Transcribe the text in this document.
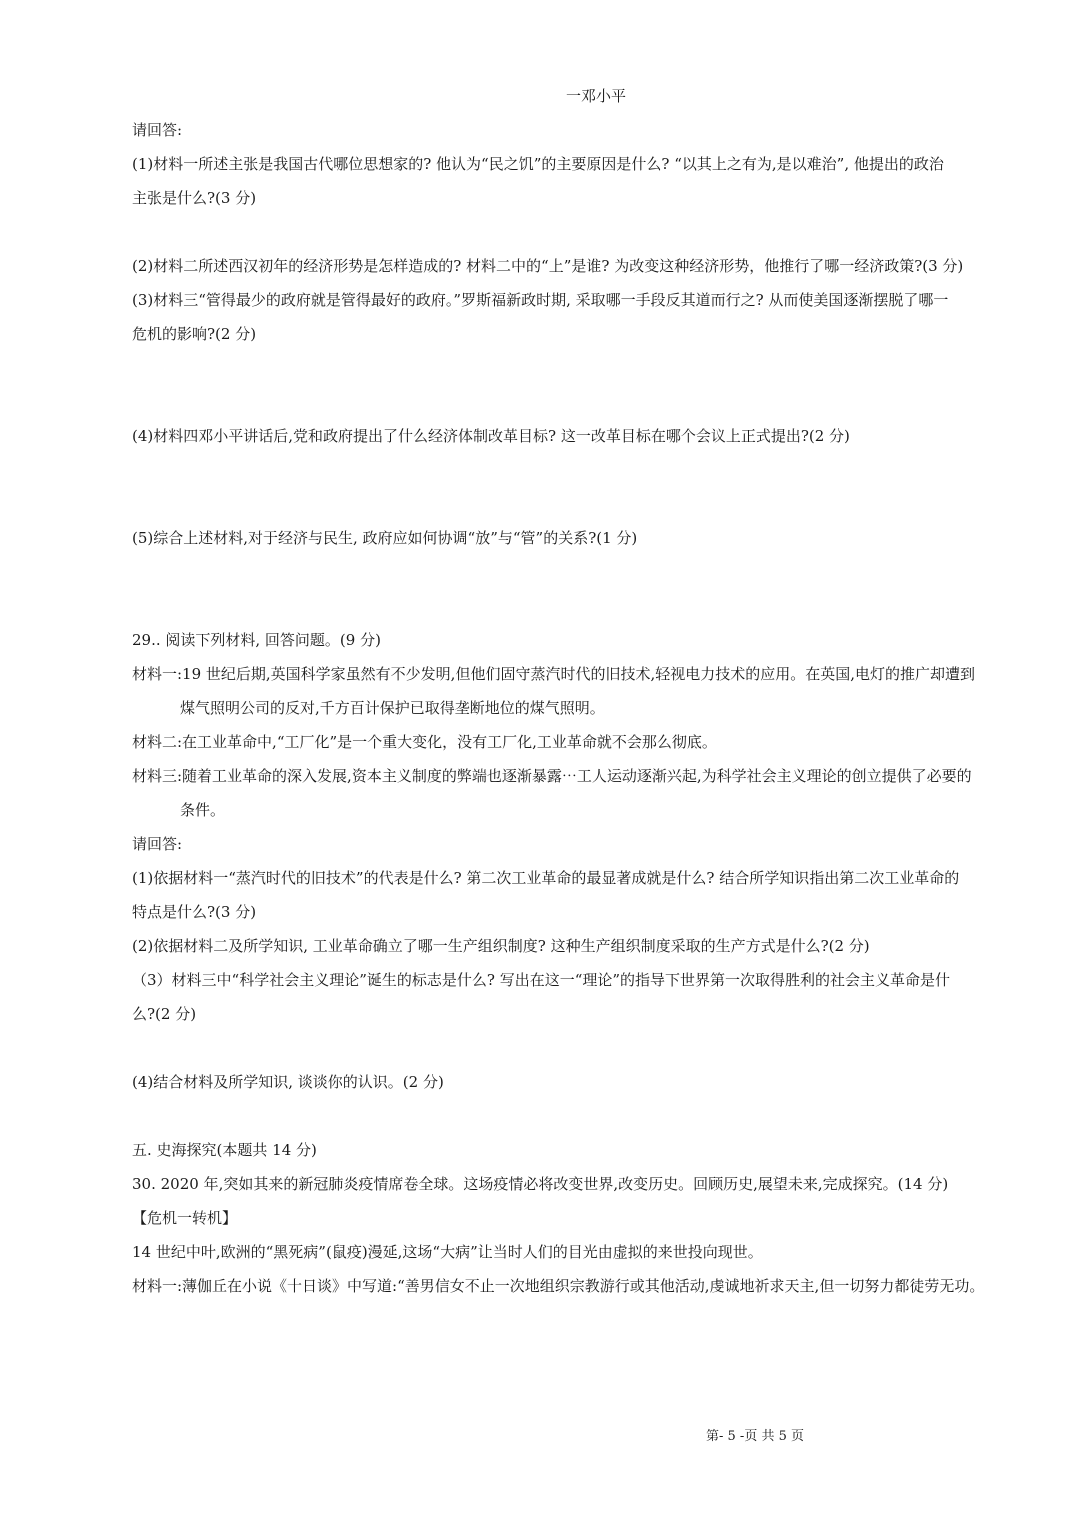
一邓小平
请回答:
(1)材料一所述主张是我国古代哪位思想家的? 他认为“民之饥”的主要原因是什么? “以其上之有为,是以难治”, 他提出的政治
主张是什么?(3 分)
(2)材料二所述西汉初年的经济形势是怎样造成的? 材料二中的“上”是谁? 为改变这种经济形势，他推行了哪一经济政策?(3 分)
(3)材料三“管得最少的政府就是管得最好的政府。”罗斯福新政时期, 采取哪一手段反其道而行之? 从而使美国逐渐摆脱了哪一
危机的影响?(2 分)
(4)材料四邓小平讲话后,党和政府提出了什么经济体制改革目标? 这一改革目标在哪个会议上正式提出?(2 分)
(5)综合上述材料,对于经济与民生, 政府应如何协调“放”与“管”的关系?(1 分)
29.. 阅读下列材料, 回答问题。(9 分)
材料一:19 世纪后期,英国科学家虽然有不少发明,但他们固守蒸汽时代的旧技术,轻视电力技术的应用。在英国,电灯的推广却遭到
煤气照明公司的反对,千方百计保护已取得垄断地位的煤气照明。
材料二:在工业革命中,“工厂化”是一个重大变化，没有工厂化,工业革命就不会那么彻底。
材料三:随着工业革命的深入发展,资本主义制度的弊端也逐渐暴露⋯工人运动逐渐兴起,为科学社会主义理论的创立提供了必要的
条件。
请回答:
(1)依据材料一“蒸汽时代的旧技术”的代表是什么? 第二次工业革命的最显著成就是什么? 结合所学知识指出第二次工业革命的
特点是什么?(3 分)
(2)依据材料二及所学知识, 工业革命确立了哪一生产组织制度? 这种生产组织制度采取的生产方式是什么?(2 分)
（3）材料三中“科学社会主义理论”诞生的标志是什么? 写出在这一“理论”的指导下世界第一次取得胜利的社会主义革命是什
么?(2 分)
(4)结合材料及所学知识, 谈谈你的认识。(2 分)
五. 史海探究(本题共 14 分)
30. 2020 年,突如其来的新冠肺炎疫情席卷全球。这场疫情必将改变世界,改变历史。回顾历史,展望未来,完成探究。(14 分)
【危机一转机】
14 世纪中叶,欧洲的“黑死病”(鼠疫)漫延,这场“大病”让当时人们的目光由虚拟的来世投向现世。
材料一:薄伽丘在小说《十日谈》中写道:“善男信女不止一次地组织宗教游行或其他活动,虔诚地祈求天主,但一切努力都徒劳无功。
第- 5 -页 共 5 页
